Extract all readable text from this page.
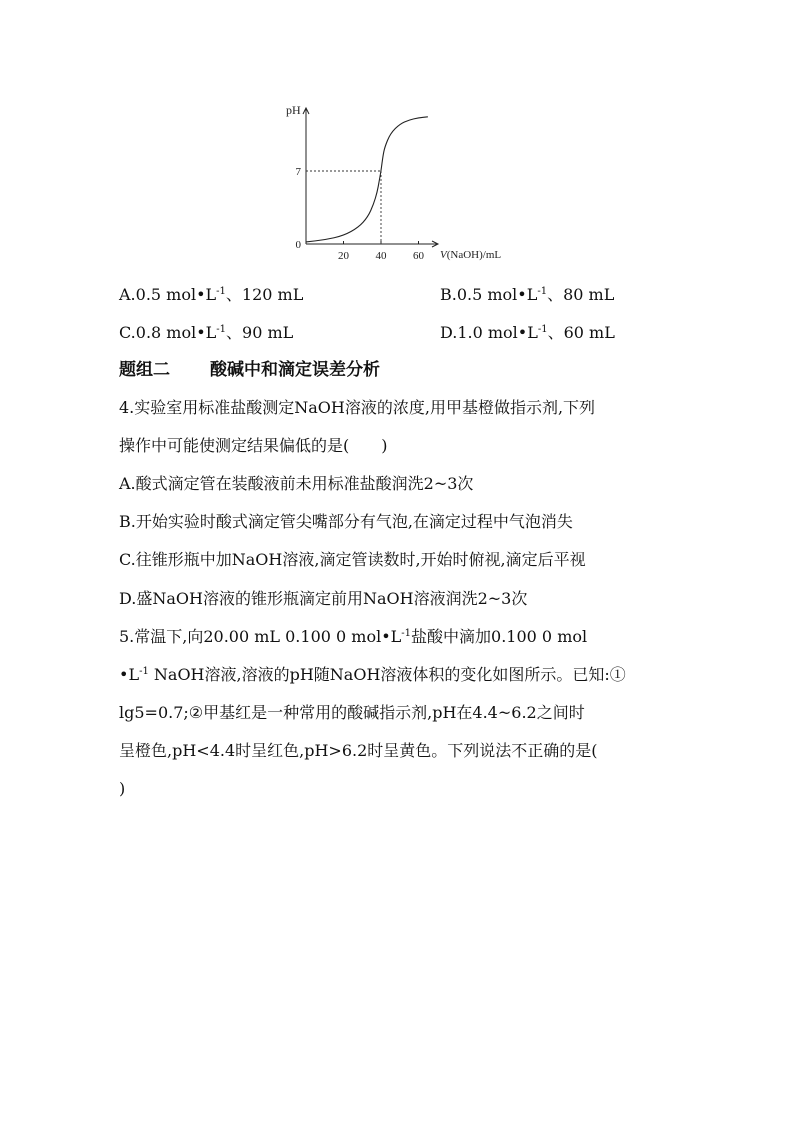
20 40 60
0
7
pH
V(NaOH)/mL
A.0.5 $mol•L^{-1}$、120 mL	B.0.5 $mol•L^{-1}$、80 mL
C.0.8 $mol•L^{-1}$、90 mL	D.1.0 $mol•L^{-1}$、60 mL
题组二 酸碱中和滴定误差分析
4.实验室用标准盐酸测定NaOH溶液的浓度,用甲基橙做指示剂,下列
操作中可能使测定结果偏低的是(　　)
A.酸式滴定管在装酸液前未用标准盐酸润洗2~3次
B.开始实验时酸式滴定管尖嘴部分有气泡,在滴定过程中气泡消失
C.往锥形瓶中加NaOH溶液,滴定管读数时,开始时俯视,滴定后平视
D.盛NaOH溶液的锥形瓶滴定前用NaOH溶液润洗2~3次
5.常温下,向20.00 mL 0.100 0 $mol•L^{-1}$盐酸中滴加0.100 0 mol
$•L^{-1}$ NaOH溶液,溶液的pH随NaOH溶液体积的变化如图所示。已知:①
lg5=0.7;②甲基红是一种常用的酸碱指示剂,pH在4.4~6.2之间时
呈橙色,pH<4.4时呈红色,pH>6.2时呈黄色。下列说法不正确的是(
)
